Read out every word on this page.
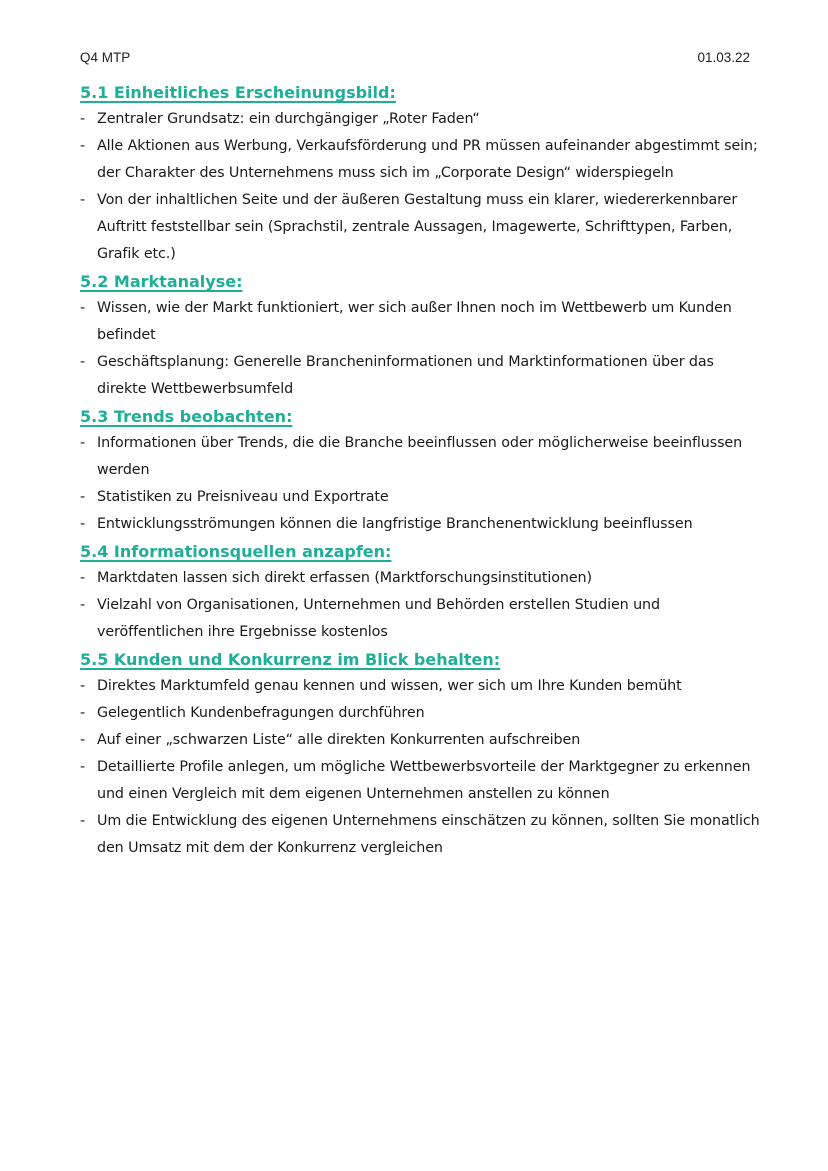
Q4 MTP	01.03.22
5.1 Einheitliches Erscheinungsbild:
- Zentraler Grundsatz: ein durchgängiger „Roter Faden“
- Alle Aktionen aus Werbung, Verkaufsförderung und PR müssen aufeinander abgestimmt sein; der Charakter des Unternehmens muss sich im „Corporate Design“ widerspiegeln
- Von der inhaltlichen Seite und der äußeren Gestaltung muss ein klarer, wiedererkennbarer Auftritt feststellbar sein (Sprachstil, zentrale Aussagen, Imagewerte, Schrifttypen, Farben, Grafik etc.)
5.2 Marktanalyse:
- Wissen, wie der Markt funktioniert, wer sich außer Ihnen noch im Wettbewerb um Kunden befindet
- Geschäftsplanung: Generelle Brancheninformationen und Marktinformationen über das direkte Wettbewerbsumfeld
5.3 Trends beobachten:
- Informationen über Trends, die die Branche beeinflussen oder möglicherweise beeinflussen werden
- Statistiken zu Preisniveau und Exportrate
- Entwicklungsströmungen können die langfristige Branchenentwicklung beeinflussen
5.4 Informationsquellen anzapfen:
- Marktdaten lassen sich direkt erfassen (Marktforschungsinstitutionen)
- Vielzahl von Organisationen, Unternehmen und Behörden erstellen Studien und veröffentlichen ihre Ergebnisse kostenlos
5.5 Kunden und Konkurrenz im Blick behalten:
- Direktes Marktumfeld genau kennen und wissen, wer sich um Ihre Kunden bemüht
- Gelegentlich Kundenbefragungen durchführen
- Auf einer „schwarzen Liste“ alle direkten Konkurrenten aufschreiben
- Detaillierte Profile anlegen, um mögliche Wettbewerbsvorteile der Marktgegner zu erkennen und einen Vergleich mit dem eigenen Unternehmen anstellen zu können
- Um die Entwicklung des eigenen Unternehmens einschätzen zu können, sollten Sie monatlich den Umsatz mit dem der Konkurrenz vergleichen
